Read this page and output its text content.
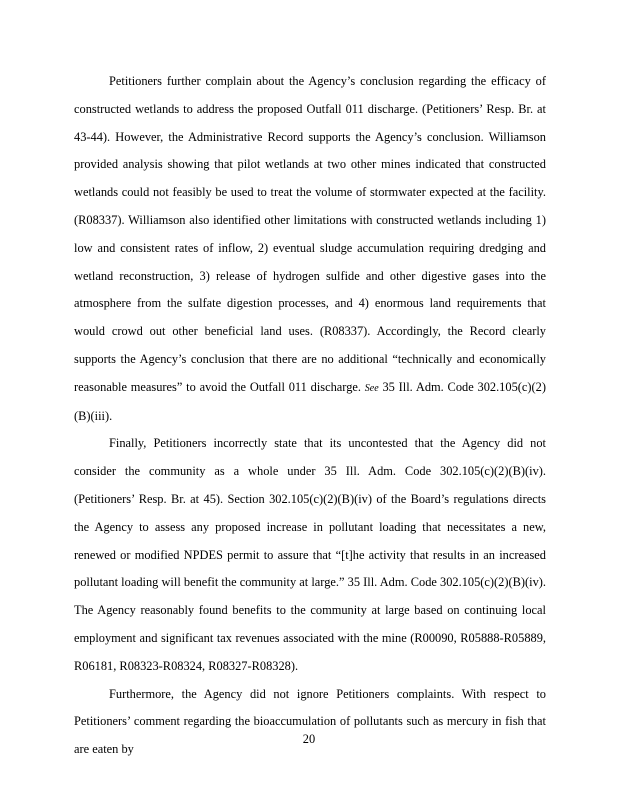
Petitioners further complain about the Agency’s conclusion regarding the efficacy of constructed wetlands to address the proposed Outfall 011 discharge. (Petitioners’ Resp. Br. at 43-44). However, the Administrative Record supports the Agency’s conclusion. Williamson provided analysis showing that pilot wetlands at two other mines indicated that constructed wetlands could not feasibly be used to treat the volume of stormwater expected at the facility. (R08337). Williamson also identified other limitations with constructed wetlands including 1) low and consistent rates of inflow, 2) eventual sludge accumulation requiring dredging and wetland reconstruction, 3) release of hydrogen sulfide and other digestive gases into the atmosphere from the sulfate digestion processes, and 4) enormous land requirements that would crowd out other beneficial land uses. (R08337). Accordingly, the Record clearly supports the Agency’s conclusion that there are no additional “technically and economically reasonable measures” to avoid the Outfall 011 discharge. See 35 Ill. Adm. Code 302.105(c)(2)(B)(iii).

Finally, Petitioners incorrectly state that its uncontested that the Agency did not consider the community as a whole under 35 Ill. Adm. Code 302.105(c)(2)(B)(iv). (Petitioners’ Resp. Br. at 45). Section 302.105(c)(2)(B)(iv) of the Board’s regulations directs the Agency to assess any proposed increase in pollutant loading that necessitates a new, renewed or modified NPDES permit to assure that “[t]he activity that results in an increased pollutant loading will benefit the community at large.” 35 Ill. Adm. Code 302.105(c)(2)(B)(iv). The Agency reasonably found benefits to the community at large based on continuing local employment and significant tax revenues associated with the mine (R00090, R05888-R05889, R06181, R08323-R08324, R08327-R08328).

Furthermore, the Agency did not ignore Petitioners complaints. With respect to Petitioners’ comment regarding the bioaccumulation of pollutants such as mercury in fish that are eaten by

20
